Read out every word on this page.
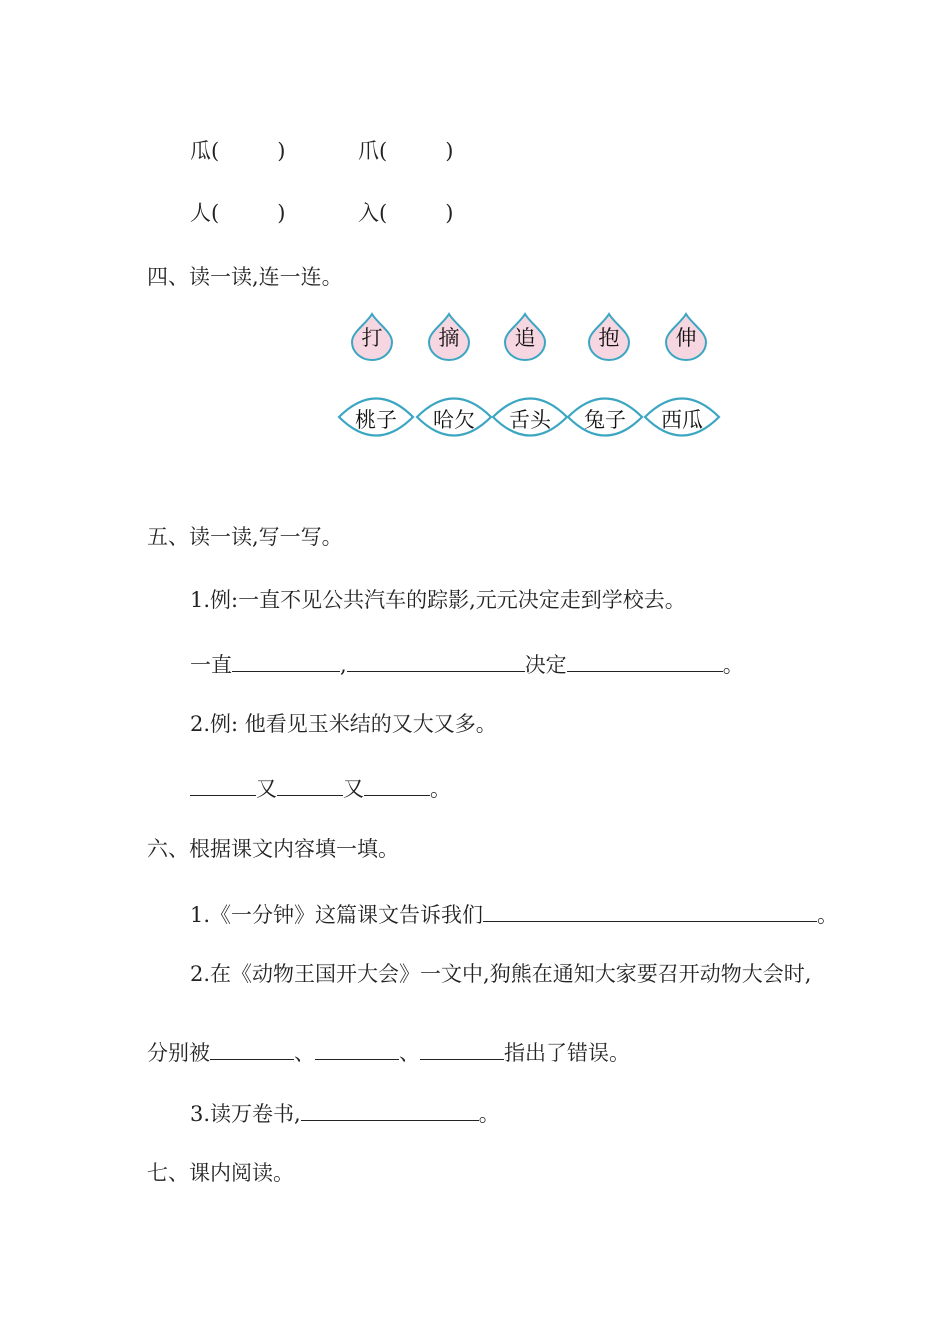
瓜(	)	爪(	)
人(	)	入(	)
四、读一读,连一连。
打	摘	追	抱	伸
桃子 哈欠 舌头 兔子 西瓜
五、读一读,写一写。
1.例:一直不见公共汽车的踪影,元元决定走到学校去。
一直	,	决定	。
2.例: 他看见玉米结的又大又多。
又	又	。
六、根据课文内容填一填。
1.《一分钟》这篇课文告诉我们	。
2.在《动物王国开大会》一文中,狗熊在通知大家要召开动物大会时,
分别被	、	、	指出了错误。
3.读万卷书,	。
七、课内阅读。
